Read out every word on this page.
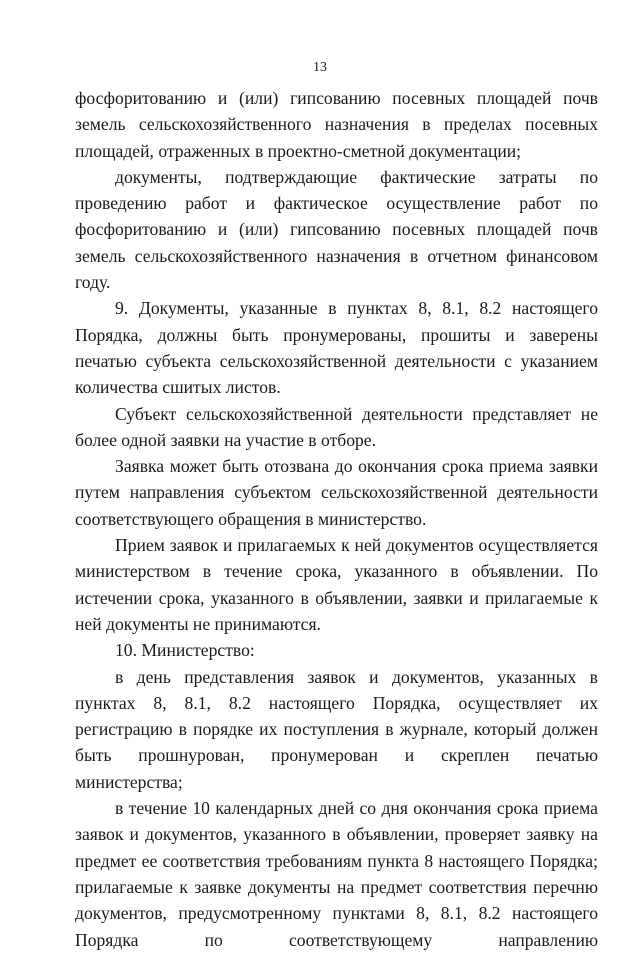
13

фосфоритованию и (или) гипсованию посевных площадей почв земель сельскохозяйственного назначения в пределах посевных площадей, отраженных в проектно-сметной документации;

документы, подтверждающие фактические затраты по проведению работ и фактическое осуществление работ по фосфоритованию и (или) гипсованию посевных площадей почв земель сельскохозяйственного назначения в отчетном финансовом году.

9. Документы, указанные в пунктах 8, 8.1, 8.2 настоящего Порядка, должны быть пронумерованы, прошиты и заверены печатью субъекта сельскохозяйственной деятельности с указанием количества сшитых листов.

Субъект сельскохозяйственной деятельности представляет не более одной заявки на участие в отборе.

Заявка может быть отозвана до окончания срока приема заявки путем направления субъектом сельскохозяйственной деятельности соответствующего обращения в министерство.

Прием заявок и прилагаемых к ней документов осуществляется министерством в течение срока, указанного в объявлении. По истечении срока, указанного в объявлении, заявки и прилагаемые к ней документы не принимаются.

10. Министерство:

в день представления заявок и документов, указанных в пунктах 8, 8.1, 8.2 настоящего Порядка, осуществляет их регистрацию в порядке их поступления в журнале, который должен быть прошнурован, пронумерован и скреплен печатью министерства;

в течение 10 календарных дней со дня окончания срока приема заявок и документов, указанного в объявлении, проверяет заявку на предмет ее соответствия требованиям пункта 8 настоящего Порядка; прилагаемые к заявке документы на предмет соответствия перечню документов, предусмотренному пунктами 8, 8.1, 8.2 настоящего Порядка по соответствующему направлению
